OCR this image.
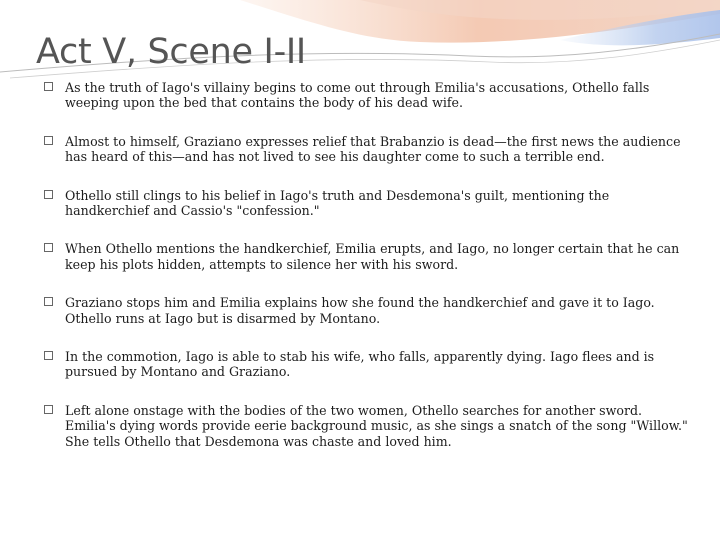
Act V, Scene I-II
As the truth of Iago's villainy begins to come out through Emilia's accusations, Othello falls weeping upon the bed that contains the body of his dead wife.
Almost to himself, Graziano expresses relief that Brabanzio is dead—the first news the audience has heard of this—and has not lived to see his daughter come to such a terrible end.
Othello still clings to his belief in Iago's truth and Desdemona's guilt, mentioning the handkerchief and Cassio's "confession."
When Othello mentions the handkerchief, Emilia erupts, and Iago, no longer certain that he can keep his plots hidden, attempts to silence her with his sword.
Graziano stops him and Emilia explains how she found the handkerchief and gave it to Iago. Othello runs at Iago but is disarmed by Montano.
In the commotion, Iago is able to stab his wife, who falls, apparently dying. Iago flees and is pursued by Montano and Graziano.
Left alone onstage with the bodies of the two women, Othello searches for another sword. Emilia's dying words provide eerie background music, as she sings a snatch of the song "Willow." She tells Othello that Desdemona was chaste and loved him.
